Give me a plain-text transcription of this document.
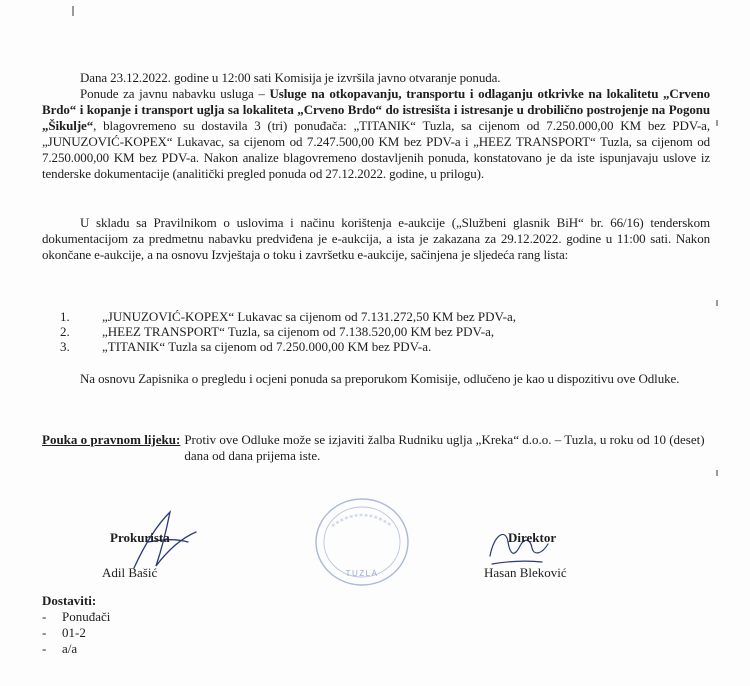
Dana 23.12.2022. godine u 12:00 sati Komisija je izvršila javno otvaranje ponuda.

Ponude za javnu nabavku usluga – Usluge na otkopavanju, transportu i odlaganju otkrivke na lokalitetu „Crveno Brdo“ i kopanje i transport uglja sa lokaliteta „Crveno Brdo“ do istresišta i istresanje u drobilično postrojenje na Pogonu „Šikulje“, blagovremeno su dostavila 3 (tri) ponuđača: „TITANIK“ Tuzla, sa cijenom od 7.250.000,00 KM bez PDV-a, „JUNUZOVIĆ-KOPEX“ Lukavac, sa cijenom od 7.247.500,00 KM bez PDV-a i „HEEZ TRANSPORT“ Tuzla, sa cijenom od 7.250.000,00 KM bez PDV-a. Nakon analize blagovremeno dostavljenih ponuda, konstatovano je da iste ispunjavaju uslove iz tenderske dokumentacije (analitički pregled ponuda od 27.12.2022. godine, u prilogu).

U skladu sa Pravilnikom o uslovima i načinu korištenja e-aukcije („Službeni glasnik BiH“ br. 66/16) tenderskom dokumentacijom za predmetnu nabavku predviđena je e-aukcija, a ista je zakazana za 29.12.2022. godine u 11:00 sati. Nakon okončane e-aukcije, a na osnovu Izvještaja o toku i završetku e-aukcije, sačinjena je sljedeća rang lista:

1.	„JUNUZOVIĆ-KOPEX“ Lukavac sa cijenom od 7.131.272,50 KM bez PDV-a,
2.	„HEEZ TRANSPORT“ Tuzla, sa cijenom od 7.138.520,00 KM bez PDV-a,
3.	„TITANIK“ Tuzla sa cijenom od 7.250.000,00 KM bez PDV-a.

Na osnovu Zapisnika o pregledu i ocjeni ponuda sa preporukom Komisije, odlučeno je kao u dispozitivu ove Odluke.

Pouka o pravnom lijeku: Protiv ove Odluke može se izjaviti žalba Rudniku uglja „Kreka“ d.o.o. – Tuzla, u roku od 10 (deset) dana od dana prijema iste.
TUZLA
Prokurista
Adil Bašić
Direktor
Hasan Bleković
Dostaviti:
-	Ponuđači
-	01-2
-	a/a
